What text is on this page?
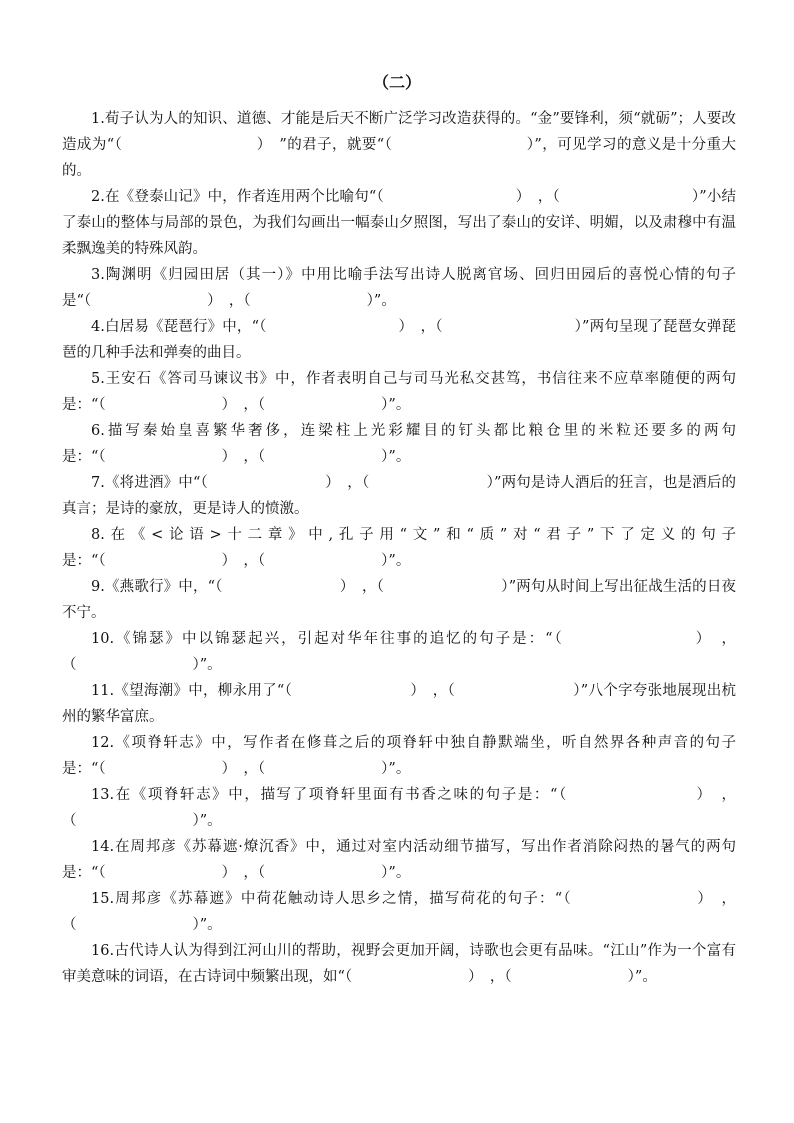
（二）

1.荀子认为人的知识、道德、才能是后天不断广泛学习改造获得的。“金”要锋利，须“就砺”；人要改造成为“（　　　　　　　　　）　”的君子，就要“（　　　　　　　　　）”，可见学习的意义是十分重大的。

2.在《登泰山记》中，作者连用两个比喻句“（　　　　　　　　　）　，（　　　　　　　　　）”小结了泰山的整体与局部的景色，为我们勾画出一幅泰山夕照图，写出了泰山的安详、明媚，以及肃穆中有温柔飘逸美的特殊风韵。

3.陶渊明《归园田居（其一）》中用比喻手法写出诗人脱离官场、回归田园后的喜悦心情的句子是“（　　　　　　　　）　，（　　　　　　　　）”。

4.白居易《琵琶行》中，“（　　　　　　　　　）　，（　　　　　　　　　）”两句呈现了琵琶女弹琵琶的几种手法和弹奏的曲目。

5.王安石《答司马谏议书》中，作者表明自己与司马光私交甚笃，书信往来不应草率随便的两句是：“（　　　　　　　　）　，（　　　　　　　　）”。

6.描写秦始皇喜繁华奢侈，连梁柱上光彩耀目的钉头都比粮仓里的米粒还要多的两句是：“（　　　　　　　　）　，（　　　　　　　　）”。

7.《将进酒》中“（　　　　　　　　）　，（　　　　　　　　）”两句是诗人酒后的狂言，也是酒后的真言；是诗的豪放，更是诗人的愤激。

8.在《<论语>十二章》中,孔子用“文”和“质”对“君子”下了定义的句子是：“（　　　　　　　　）　，（　　　　　　　　）”。

9.《燕歌行》中，“（　　　　　　　　）　，（　　　　　　　　）”两句从时间上写出征战生活的日夜不宁。

10.《锦瑟》中以锦瑟起兴，引起对华年往事的追忆的句子是：“（　　　　　　　　）　，（　　　　　　　　）”。

11.《望海潮》中，柳永用了“（　　　　　　　　）　，（　　　　　　　　）”八个字夸张地展现出杭州的繁华富庶。

12.《项脊轩志》中，写作者在修葺之后的项脊轩中独自静默端坐，听自然界各种声音的句子是：“（　　　　　　　　）　，（　　　　　　　　）”。

13.在《项脊轩志》中，描写了项脊轩里面有书香之味的句子是：“（　　　　　　　　）　，（　　　　　　　　）”。

14.在周邦彦《苏幕遮·燎沉香》中，通过对室内活动细节描写，写出作者消除闷热的暑气的两句是：“（　　　　　　　　）　，（　　　　　　　　）”。

15.周邦彦《苏幕遮》中荷花触动诗人思乡之情，描写荷花的句子：“（　　　　　　　　）　，（　　　　　　　　）”。

16.古代诗人认为得到江河山川的帮助，视野会更加开阔，诗歌也会更有品味。“江山”作为一个富有审美意味的词语，在古诗词中频繁出现，如“（　　　　　　　　）　，（　　　　　　　　）”。
